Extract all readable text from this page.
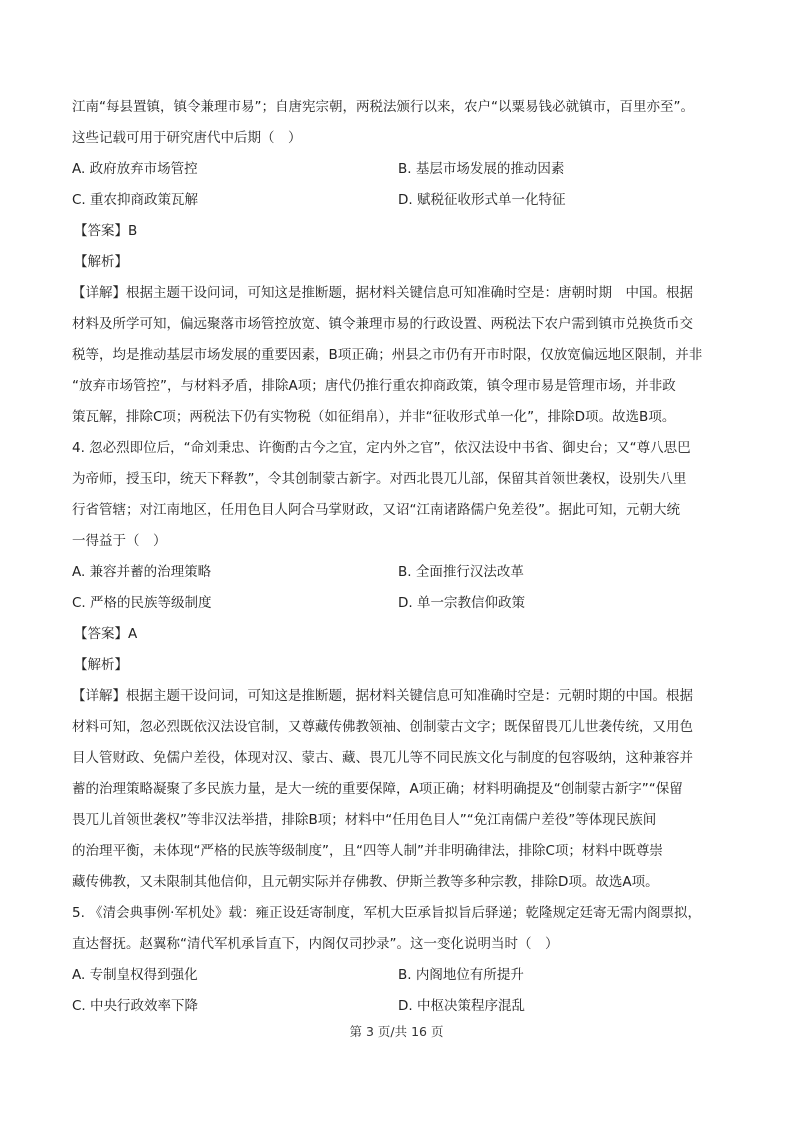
江南“每县置镇，镇令兼理市易”；自唐宪宗朝，两税法颁行以来，农户“以粟易钱必就镇市，百里亦至”。
这些记载可用于研究唐代中后期（　）
A. 政府放弃市场管控	B. 基层市场发展的推动因素
C. 重农抑商政策瓦解	D. 赋税征收形式单一化特征
【答案】B
【解析】
【详解】根据主题干设问词，可知这是推断题，据材料关键信息可知准确时空是：唐朝时期　中国。根据
材料及所学可知，偏远聚落市场管控放宽、镇令兼理市易的行政设置、两税法下农户需到镇市兑换货币交
税等，均是推动基层市场发展的重要因素，B项正确；州县之市仍有开市时限，仅放宽偏远地区限制，并非
“放弃市场管控”，与材料矛盾，排除A项；唐代仍推行重农抑商政策，镇令理市易是管理市场，并非政
策瓦解，排除C项；两税法下仍有实物税（如征绢帛），并非“征收形式单一化”，排除D项。故选B项。
4. 忽必烈即位后，“命刘秉忠、许衡酌古今之宜，定内外之官”，依汉法设中书省、御史台；又“尊八思巴
为帝师，授玉印，统天下释教”，令其创制蒙古新字。对西北畏兀儿部，保留其首领世袭权，设别失八里
行省管辖；对江南地区，任用色目人阿合马掌财政，又诏“江南诸路儒户免差役”。据此可知，元朝大统
一得益于（　）
A. 兼容并蓄的治理策略	B. 全面推行汉法改革
C. 严格的民族等级制度	D. 单一宗教信仰政策
【答案】A
【解析】
【详解】根据主题干设问词，可知这是推断题，据材料关键信息可知准确时空是：元朝时期的中国。根据
材料可知，忽必烈既依汉法设官制，又尊藏传佛教领袖、创制蒙古文字；既保留畏兀儿世袭传统，又用色
目人管财政、免儒户差役，体现对汉、蒙古、藏、畏兀儿等不同民族文化与制度的包容吸纳，这种兼容并
蓄的治理策略凝聚了多民族力量，是大一统的重要保障，A项正确；材料明确提及“创制蒙古新字”“保留
畏兀儿首领世袭权”等非汉法举措，排除B项；材料中“任用色目人”“免江南儒户差役”等体现民族间
的治理平衡，未体现“严格的民族等级制度”，且“四等人制”并非明确律法，排除C项；材料中既尊崇
藏传佛教，又未限制其他信仰，且元朝实际并存佛教、伊斯兰教等多种宗教，排除D项。故选A项。
5. 《清会典事例·军机处》载：雍正设廷寄制度，军机大臣承旨拟旨后驿递；乾隆规定廷寄无需内阁票拟，
直达督抚。赵翼称“清代军机承旨直下，内阁仅司抄录”。这一变化说明当时（　）
A. 专制皇权得到强化	B. 内阁地位有所提升
C. 中央行政效率下降	D. 中枢决策程序混乱
第 3 页/共 16 页
